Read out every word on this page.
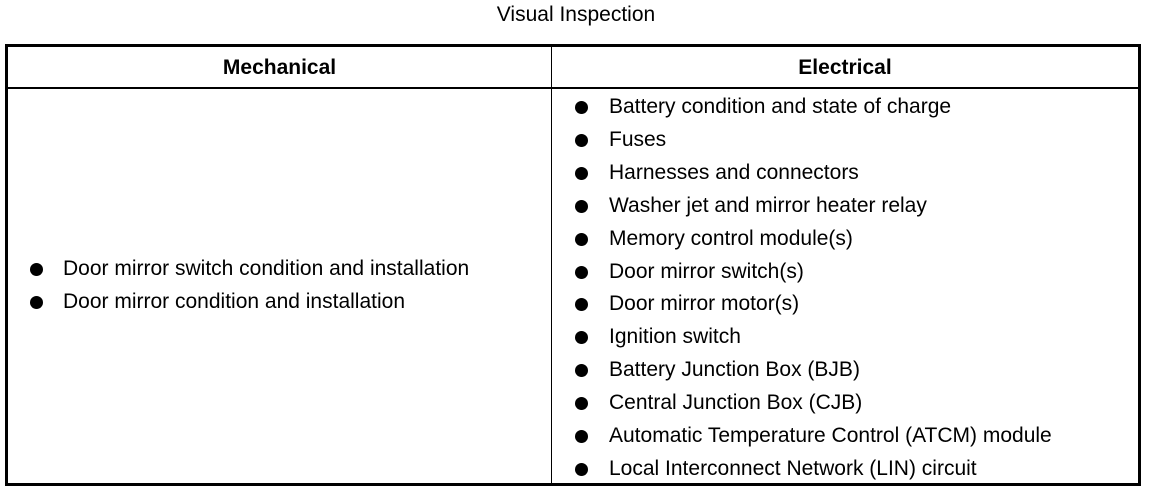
Visual Inspection
Mechanical	Electrical
Door mirror switch condition and installation
Door mirror condition and installation
Battery condition and state of charge
Fuses
Harnesses and connectors
Washer jet and mirror heater relay
Memory control module(s)
Door mirror switch(s)
Door mirror motor(s)
Ignition switch
Battery Junction Box (BJB)
Central Junction Box (CJB)
Automatic Temperature Control (ATCM) module
Local Interconnect Network (LIN) circuit
